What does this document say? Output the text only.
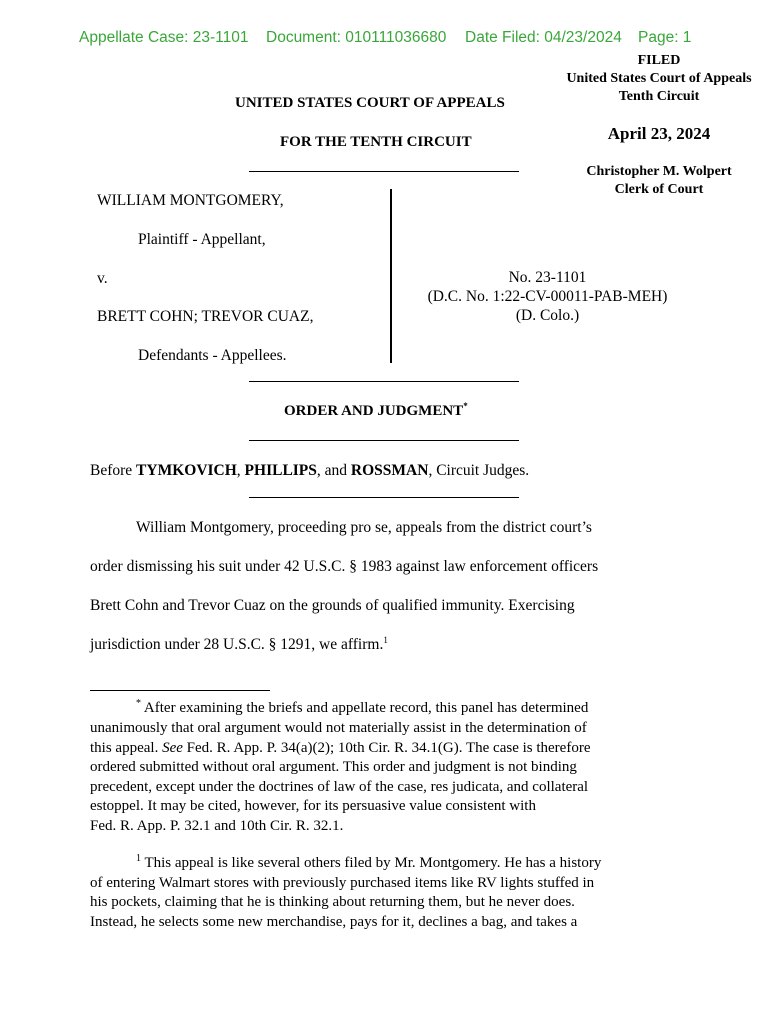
Appellate Case: 23-1101 Document: 010111036680 Date Filed: 04/23/2024 Page: 1
FILED
United States Court of Appeals
Tenth Circuit
April 23, 2024
Christopher M. Wolpert
Clerk of Court
UNITED STATES COURT OF APPEALS
FOR THE TENTH CIRCUIT
WILLIAM MONTGOMERY,
Plaintiff - Appellant,
v.
BRETT COHN; TREVOR CUAZ,
Defendants - Appellees.
No. 23-1101
(D.C. No. 1:22-CV-00011-PAB-MEH)
(D. Colo.)
ORDER AND JUDGMENT*
Before TYMKOVICH, PHILLIPS, and ROSSMAN, Circuit Judges.
William Montgomery, proceeding pro se, appeals from the district court’s
order dismissing his suit under 42 U.S.C. § 1983 against law enforcement officers
Brett Cohn and Trevor Cuaz on the grounds of qualified immunity. Exercising
jurisdiction under 28 U.S.C. § 1291, we affirm.$^1$
* After examining the briefs and appellate record, this panel has determined
unanimously that oral argument would not materially assist in the determination of
this appeal. See Fed. R. App. P. 34(a)(2); 10th Cir. R. 34.1(G). The case is therefore
ordered submitted without oral argument. This order and judgment is not binding
precedent, except under the doctrines of law of the case, res judicata, and collateral
estoppel. It may be cited, however, for its persuasive value consistent with
Fed. R. App. P. 32.1 and 10th Cir. R. 32.1.
$^1$ This appeal is like several others filed by Mr. Montgomery. He has a history
of entering Walmart stores with previously purchased items like RV lights stuffed in
his pockets, claiming that he is thinking about returning them, but he never does.
Instead, he selects some new merchandise, pays for it, declines a bag, and takes a
